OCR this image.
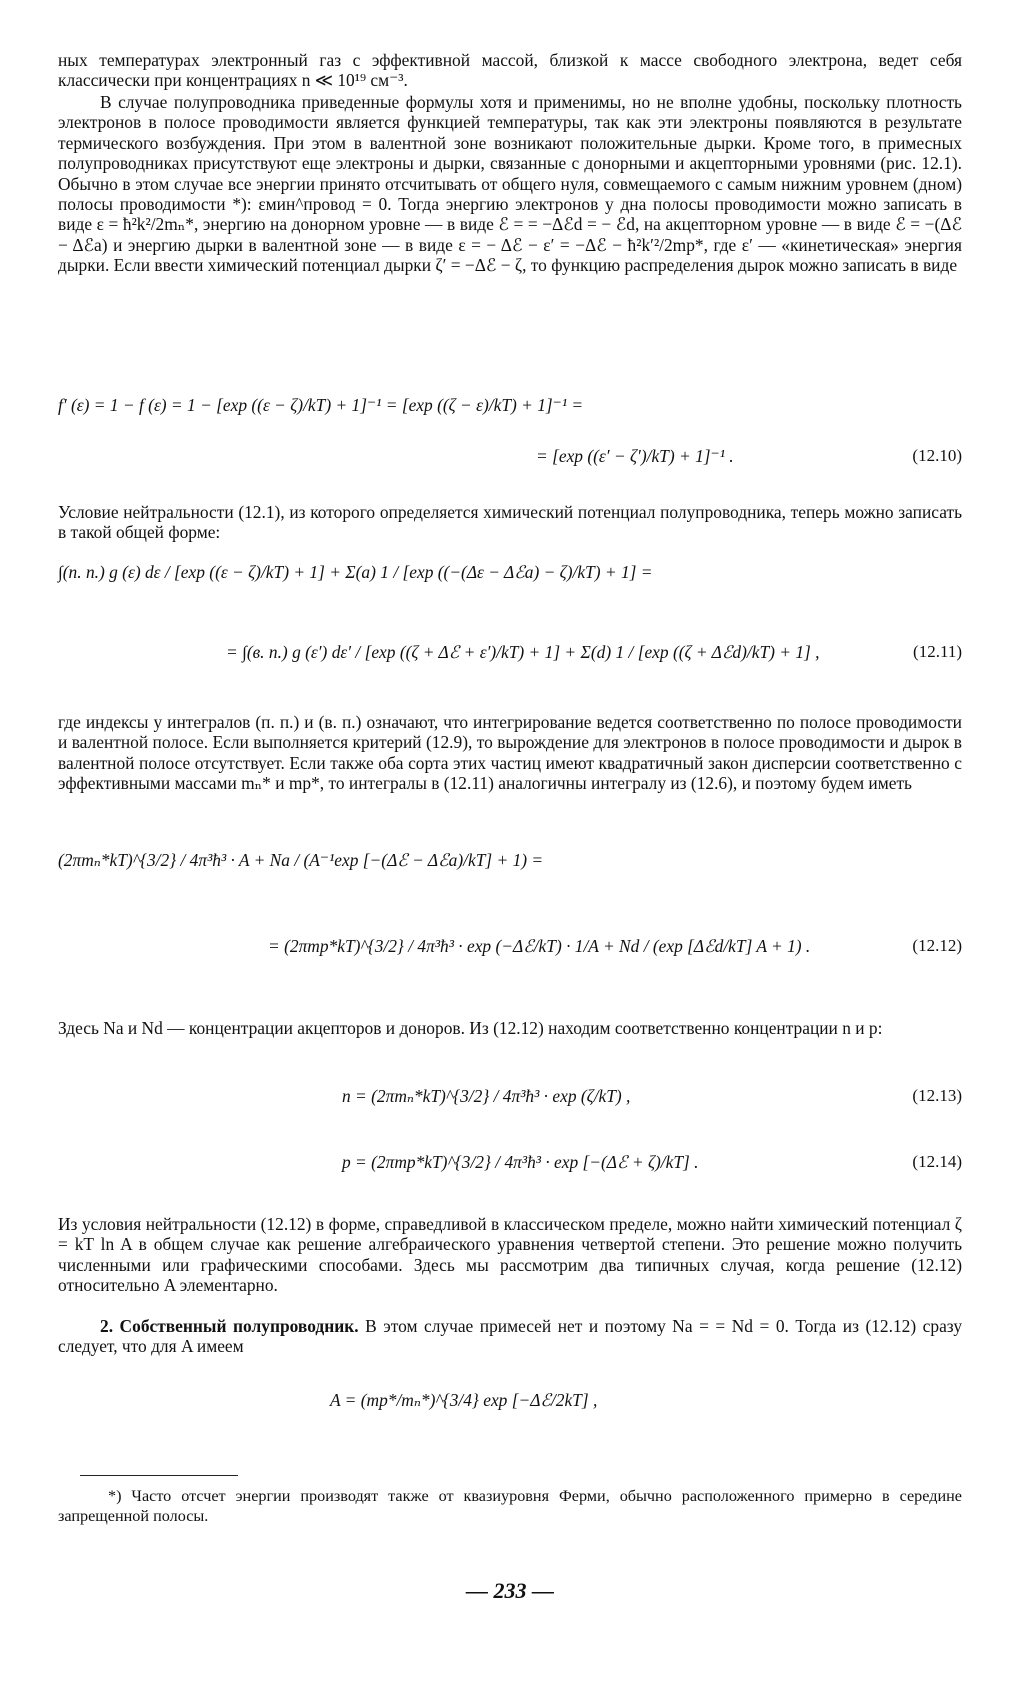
ных температурах электронный газ с эффективной массой, близкой к массе свободного электрона, ведет себя классически при концентрациях n ≪ 10¹⁹ см⁻³.

В случае полупроводника приведенные формулы хотя и применимы, но не вполне удобны, поскольку плотность электронов в полосе проводимости является функцией температуры, так как эти электроны появляются в результате термического возбуждения. При этом в валентной зоне возникают положительные дырки. Кроме того, в примесных полупроводниках присутствуют еще электроны и дырки, связанные с донорными и акцепторными уровнями (рис. 12.1). Обычно в этом случае все энергии принято отсчитывать от общего нуля, совмещаемого с самым нижним уровнем (дном) полосы проводимости *): εмин^провод = 0. Тогда энергию электронов у дна полосы проводимости можно записать в виде ε = ħ²k²/2mₙ*, энергию на донорном уровне — в виде ℰ = = −Δℰd = − ℰd, на акцепторном уровне — в виде ℰ = −(Δℰ − Δℰa) и энергию дырки в валентной зоне — в виде ε = − Δℰ − ε′ = −Δℰ − ħ²k′²/2mp*, где ε′ — «кинетическая» энергия дырки. Если ввести химический потенциал дырки ζ′ = −Δℰ − ζ, то функцию распределения дырок можно записать в виде

f′ (ε) = 1 − f (ε) = 1 − [exp ((ε − ζ)/kT) + 1]⁻¹ = [exp ((ζ − ε)/kT) + 1]⁻¹ =
= [exp ((ε′ − ζ′)/kT) + 1]⁻¹ .	(12.10)

Условие нейтральности (12.1), из которого определяется химический потенциал полупроводника, теперь можно записать в такой общей форме:

∫(п. п.) g (ε) dε / [exp ((ε − ζ)/kT) + 1] + Σ(a) 1 / [exp ((−(Δε − Δℰa) − ζ)/kT) + 1] =
= ∫(в. п.) g (ε′) dε′ / [exp ((ζ + Δℰ + ε′)/kT) + 1] + Σ(d) 1 / [exp ((ζ + Δℰd)/kT) + 1] ,	(12.11)

где индексы у интегралов (п. п.) и (в. п.) означают, что интегрирование ведется соответственно по полосе проводимости и валентной полосе. Если выполняется критерий (12.9), то вырождение для электронов в полосе проводимости и дырок в валентной полосе отсутствует. Если также оба сорта этих частиц имеют квадратичный закон дисперсии соответственно с эффективными массами mₙ* и mp*, то интегралы в (12.11) аналогичны интегралу из (12.6), и поэтому будем иметь

(2πmₙ*kT)^{3/2} / 4π³ħ³ · A + Na / (A⁻¹exp [−(Δℰ − Δℰa)/kT] + 1) =
= (2πmp*kT)^{3/2} / 4π³ħ³ · exp (−Δℰ/kT) · 1/A + Nd / (exp [Δℰd/kT] A + 1) .	(12.12)

Здесь Na и Nd — концентрации акцепторов и доноров. Из (12.12) находим соответственно концентрации n и p:

n = (2πmₙ*kT)^{3/2} / 4π³ħ³ · exp (ζ/kT) ,	(12.13)
p = (2πmp*kT)^{3/2} / 4π³ħ³ · exp [−(Δℰ + ζ)/kT] .	(12.14)

Из условия нейтральности (12.12) в форме, справедливой в классическом пределе, можно найти химический потенциал ζ = kT ln A в общем случае как решение алгебраического уравнения четвертой степени. Это решение можно получить численными или графическими способами. Здесь мы рассмотрим два типичных случая, когда решение (12.12) относительно A элементарно.

2. Собственный полупроводник. В этом случае примесей нет и поэтому Na = = Nd = 0. Тогда из (12.12) сразу следует, что для A имеем

A = (mp*/mₙ*)^{3/4} exp [−Δℰ/2kT] ,
*) Часто отсчет энергии производят также от квазиуровня Ферми, обычно расположенного примерно в середине запрещенной полосы.
— 233 —
